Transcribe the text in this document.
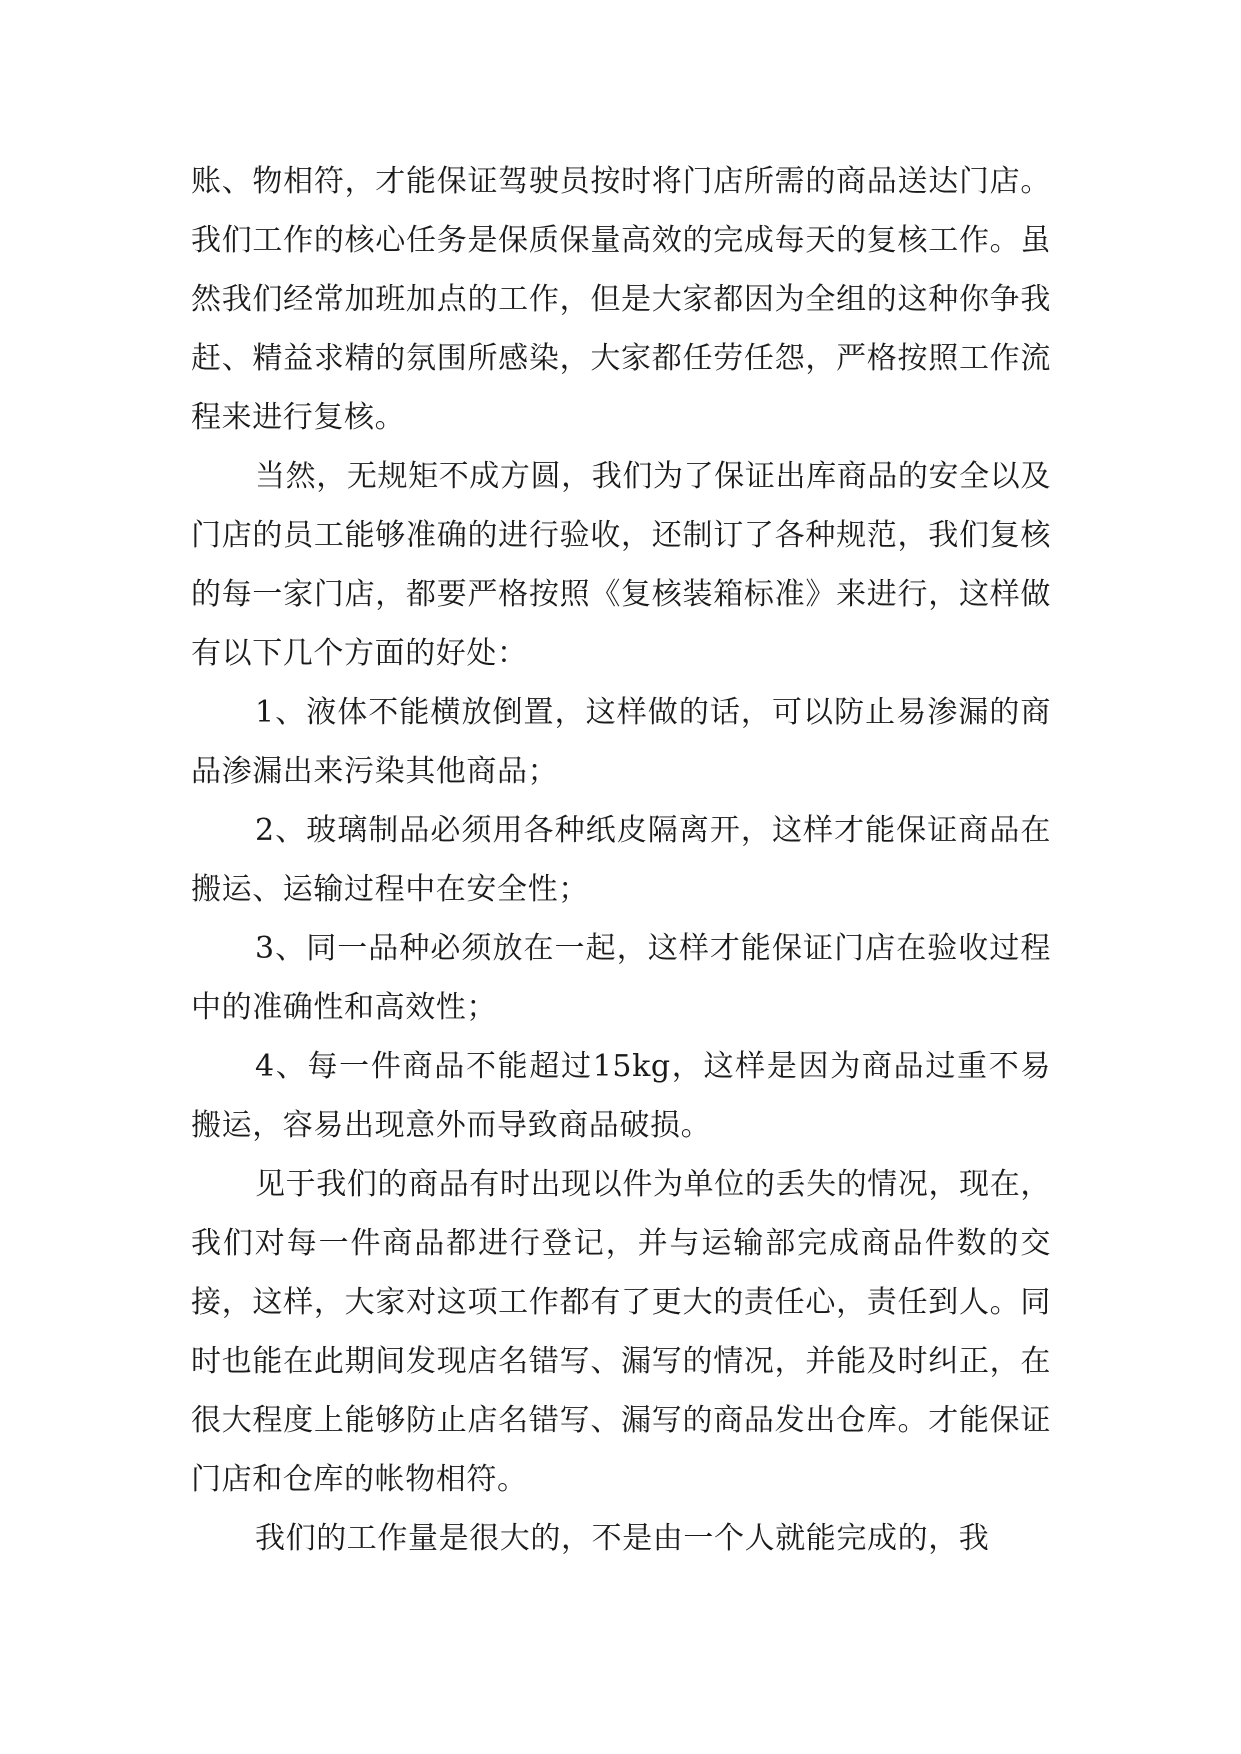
账、物相符，才能保证驾驶员按时将门店所需的商品送达门店。我们工作的核心任务是保质保量高效的完成每天的复核工作。虽然我们经常加班加点的工作，但是大家都因为全组的这种你争我赶、精益求精的氛围所感染，大家都任劳任怨，严格按照工作流程来进行复核。

当然，无规矩不成方圆，我们为了保证出库商品的安全以及门店的员工能够准确的进行验收，还制订了各种规范，我们复核的每一家门店，都要严格按照《复核装箱标准》来进行，这样做有以下几个方面的好处：

1、液体不能横放倒置，这样做的话，可以防止易渗漏的商品渗漏出来污染其他商品；

2、玻璃制品必须用各种纸皮隔离开，这样才能保证商品在搬运、运输过程中在安全性；

3、同一品种必须放在一起，这样才能保证门店在验收过程中的准确性和高效性；

4、每一件商品不能超过15kg，这样是因为商品过重不易搬运，容易出现意外而导致商品破损。

见于我们的商品有时出现以件为单位的丢失的情况，现在，我们对每一件商品都进行登记，并与运输部完成商品件数的交接，这样，大家对这项工作都有了更大的责任心，责任到人。同时也能在此期间发现店名错写、漏写的情况，并能及时纠正，在很大程度上能够防止店名错写、漏写的商品发出仓库。才能保证门店和仓库的帐物相符。

我们的工作量是很大的，不是由一个人就能完成的，我
